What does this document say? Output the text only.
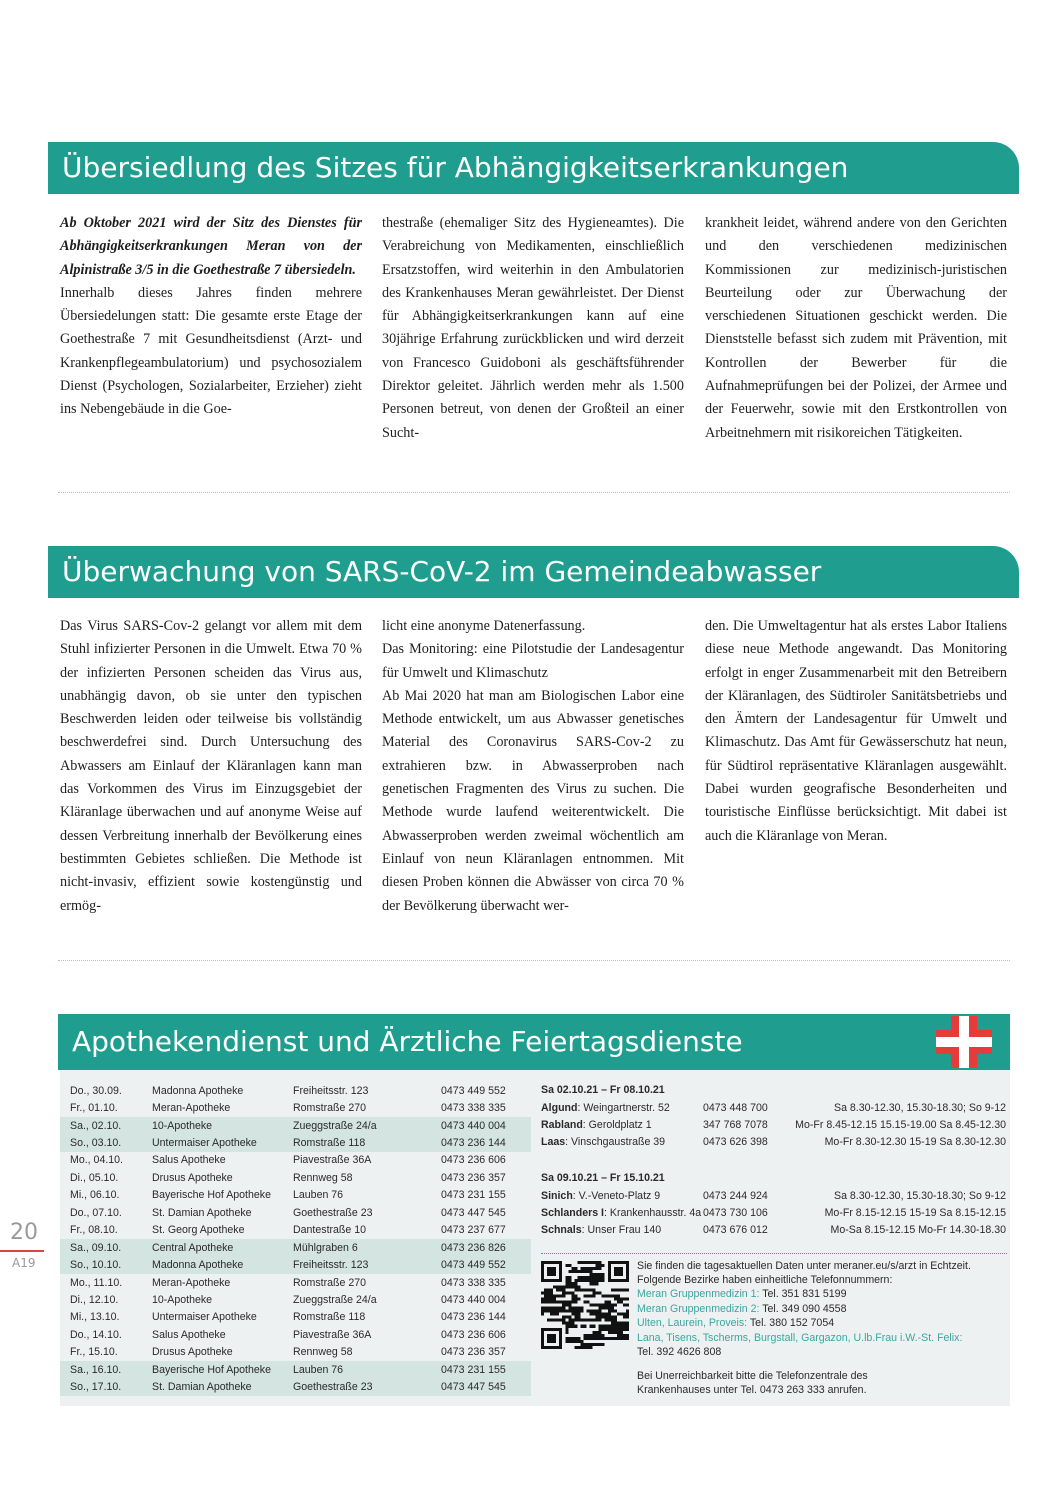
Übersiedlung des Sitzes für Abhängigkeitserkrankungen

Ab Oktober 2021 wird der Sitz des Dienstes für Abhängigkeitserkrankungen Meran von der Alpinistraße 3/5 in die Goethestraße 7 übersiedeln.

Innerhalb dieses Jahres finden mehrere Übersiedelungen statt: Die gesamte erste Etage der Goethestraße 7 mit Gesundheitsdienst (Arzt- und Krankenpflegeambulatorium) und psychosozialem Dienst (Psychologen, Sozialarbeiter, Erzieher) zieht ins Nebengebäude in die Goe-

thestraße (ehemaliger Sitz des Hygieneamtes). Die Verabreichung von Medikamenten, einschließlich Ersatzstoffen, wird weiterhin in den Ambulatorien des Krankenhauses Meran gewährleistet. Der Dienst für Abhängigkeitserkrankungen kann auf eine 30jährige Erfahrung zurückblicken und wird derzeit von Francesco Guidoboni als geschäftsführender Direktor geleitet. Jährlich werden mehr als 1.500 Personen betreut, von denen der Großteil an einer Sucht-

krankheit leidet, während andere von den Gerichten und den verschiedenen medizinischen Kommissionen zur medizinisch-juristischen Beurteilung oder zur Überwachung der verschiedenen Situationen geschickt werden. Die Dienststelle befasst sich zudem mit Prävention, mit Kontrollen der Bewerber für die Aufnahmeprüfungen bei der Polizei, der Armee und der Feuerwehr, sowie mit den Erstkontrollen von Arbeitnehmern mit risikoreichen Tätigkeiten.

Überwachung von SARS-CoV-2 im Gemeindeabwasser

Das Virus SARS-Cov-2 gelangt vor allem mit dem Stuhl infizierter Personen in die Umwelt. Etwa 70 % der infizierten Personen scheiden das Virus aus, unabhängig davon, ob sie unter den typischen Beschwerden leiden oder teilweise bis vollständig beschwerdefrei sind. Durch Untersuchung des Abwassers am Einlauf der Kläranlagen kann man das Vorkommen des Virus im Einzugsgebiet der Kläranlage überwachen und auf anonyme Weise auf dessen Verbreitung innerhalb der Bevölkerung eines bestimmten Gebietes schließen. Die Methode ist nicht-invasiv, effizient sowie kostengünstig und ermög-

licht eine anonyme Datenerfassung.

Das Monitoring: eine Pilotstudie der Landesagentur für Umwelt und Klimaschutz

Ab Mai 2020 hat man am Biologischen Labor eine Methode entwickelt, um aus Abwasser genetisches Material des Coronavirus SARS-Cov-2 zu extrahieren bzw. in Abwasserproben nach genetischen Fragmenten des Virus zu suchen. Die Methode wurde laufend weiterentwickelt. Die Abwasserproben werden zweimal wöchentlich am Einlauf von neun Kläranlagen entnommen. Mit diesen Proben können die Abwässer von circa 70 % der Bevölkerung überwacht wer-

den. Die Umweltagentur hat als erstes Labor Italiens diese neue Methode angewandt. Das Monitoring erfolgt in enger Zusammenarbeit mit den Betreibern der Kläranlagen, des Südtiroler Sanitätsbetriebs und den Ämtern der Landesagentur für Umwelt und Klimaschutz. Das Amt für Gewässerschutz hat neun, für Südtirol repräsentative Kläranlagen ausgewählt. Dabei wurden geografische Besonderheiten und touristische Einflüsse berücksichtigt. Mit dabei ist auch die Kläranlage von Meran.

Apothekendienst und Ärztliche Feiertagsdienste
Do., 30.09.	Madonna Apotheke	Freiheitsstr. 123	0473 449 552
Fr., 01.10.	Meran-Apotheke	Romstraße 270	0473 338 335
Sa., 02.10.	10-Apotheke	Zueggstraße 24/a	0473 440 004
So., 03.10.	Untermaiser Apotheke	Romstraße 118	0473 236 144
Mo., 04.10.	Salus Apotheke	Piavestraße 36A	0473 236 606
Di., 05.10.	Drusus Apotheke	Rennweg 58	0473 236 357
Mi., 06.10.	Bayerische Hof Apotheke	Lauben 76	0473 231 155
Do., 07.10.	St. Damian Apotheke	Goethestraße 23	0473 447 545
Fr., 08.10.	St. Georg Apotheke	Dantestraße 10	0473 237 677
Sa., 09.10.	Central Apotheke	Mühlgraben 6	0473 236 826
So., 10.10.	Madonna Apotheke	Freiheitsstr. 123	0473 449 552
Mo., 11.10.	Meran-Apotheke	Romstraße 270	0473 338 335
Di., 12.10.	10-Apotheke	Zueggstraße 24/a	0473 440 004
Mi., 13.10.	Untermaiser Apotheke	Romstraße 118	0473 236 144
Do., 14.10.	Salus Apotheke	Piavestraße 36A	0473 236 606
Fr., 15.10.	Drusus Apotheke	Rennweg 58	0473 236 357
Sa., 16.10.	Bayerische Hof Apotheke	Lauben 76	0473 231 155
So., 17.10.	St. Damian Apotheke	Goethestraße 23	0473 447 545
Sa 02.10.21 – Fr 08.10.21
Algund: Weingartnerstr. 52	0473 448 700	Sa 8.30-12.30, 15.30-18.30; So 9-12
Rabland: Geroldplatz 1	347 768 7078	Mo-Fr 8.45-12.15 15.15-19.00 Sa 8.45-12.30
Laas: Vinschgaustraße 39	0473 626 398	Mo-Fr 8.30-12.30 15-19 Sa 8.30-12.30
Sa 09.10.21 – Fr 15.10.21
Sinich: V.-Veneto-Platz 9	0473 244 924	Sa 8.30-12.30, 15.30-18.30; So 9-12
Schlanders I: Krankenhausstr. 4a 0473 730 106	Mo-Fr 8.15-12.15 15-19 Sa 8.15-12.15
Schnals: Unser Frau 140	0473 676 012	Mo-Sa 8.15-12.15 Mo-Fr 14.30-18.30
Sie finden die tagesaktuellen Daten unter meraner.eu/s/arzt in Echtzeit.
Folgende Bezirke haben einheitliche Telefonnummern:
Meran Gruppenmedizin 1: Tel. 351 831 5199
Meran Gruppenmedizin 2: Tel. 349 090 4558
Ulten, Laurein, Proveis: Tel. 380 152 7054
Lana, Tisens, Tscherms, Burgstall, Gargazon, U.lb.Frau i.W.-St. Felix:
Tel. 392 4626 808
Bei Unerreichbarkeit bitte die Telefonzentrale des
Krankenhauses unter Tel. 0473 263 333 anrufen.
20
A19
